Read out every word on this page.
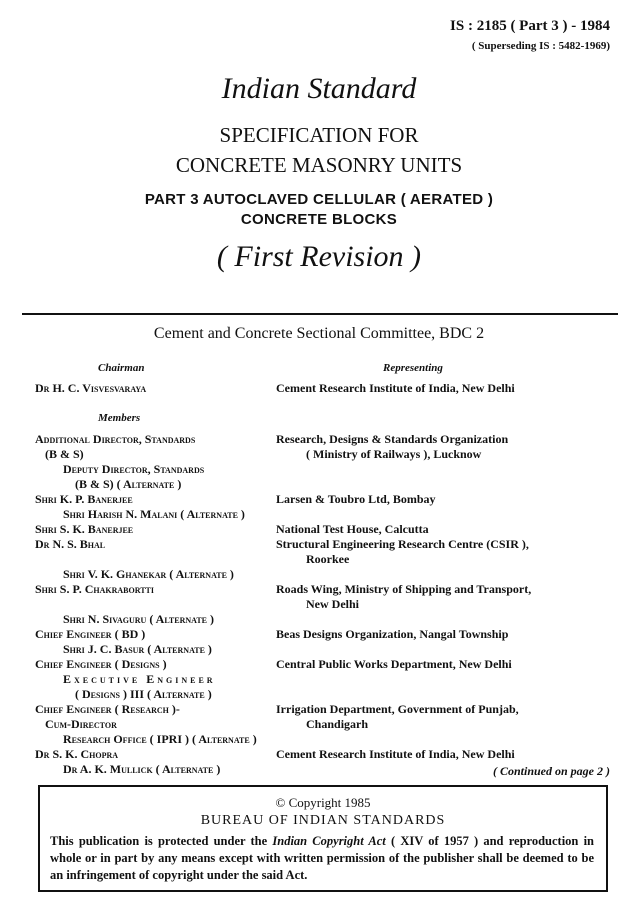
IS : 2185 ( Part 3 ) - 1984
( Superseding IS : 5482-1969)
Indian Standard
SPECIFICATION FOR
CONCRETE MASONRY UNITS
PART 3 AUTOCLAVED CELLULAR ( AERATED )
CONCRETE BLOCKS
( First Revision )
Cement and Concrete Sectional Committee, BDC 2
Chairman	Representing
Dr H. C. Visvesvaraya	Cement Research Institute of India, New Delhi
Members
Additional Director, Standards
(B & S)
Deputy Director, Standards
(B & S) ( Alternate )
Shri K. P. Banerjee
Shri Harish N. Malani ( Alternate )
Shri S. K. Banerjee
Dr N. S. Bhal
Shri V. K. Ghanekar ( Alternate )
Shri S. P. Chakrabortti
Shri N. Sivaguru ( Alternate )
Chief Engineer ( BD )
Shri J. C. Basur ( Alternate )
Chief Engineer ( Designs )
Executive Engineer
( Designs ) III ( Alternate )
Chief Engineer ( Research )-
Cum-Director
Research Office ( IPRI ) ( Alternate )
Dr S. K. Chopra
Dr A. K. Mullick ( Alternate )
Research, Designs & Standards Organization
( Ministry of Railways ), Lucknow
Larsen & Toubro Ltd, Bombay
National Test House, Calcutta
Structural Engineering Research Centre (CSIR ),
Roorkee
Roads Wing, Ministry of Shipping and Transport,
New Delhi
Beas Designs Organization, Nangal Township
Central Public Works Department, New Delhi
Irrigation Department, Government of Punjab,
Chandigarh
Cement Research Institute of India, New Delhi
( Continued on page 2 )
© Copyright 1985
BUREAU OF INDIAN STANDARDS
This publication is protected under the Indian Copyright Act ( XIV of 1957 ) and reproduction in whole or in part by any means except with written permission of the publisher shall be deemed to be an infringement of copyright under the said Act.
